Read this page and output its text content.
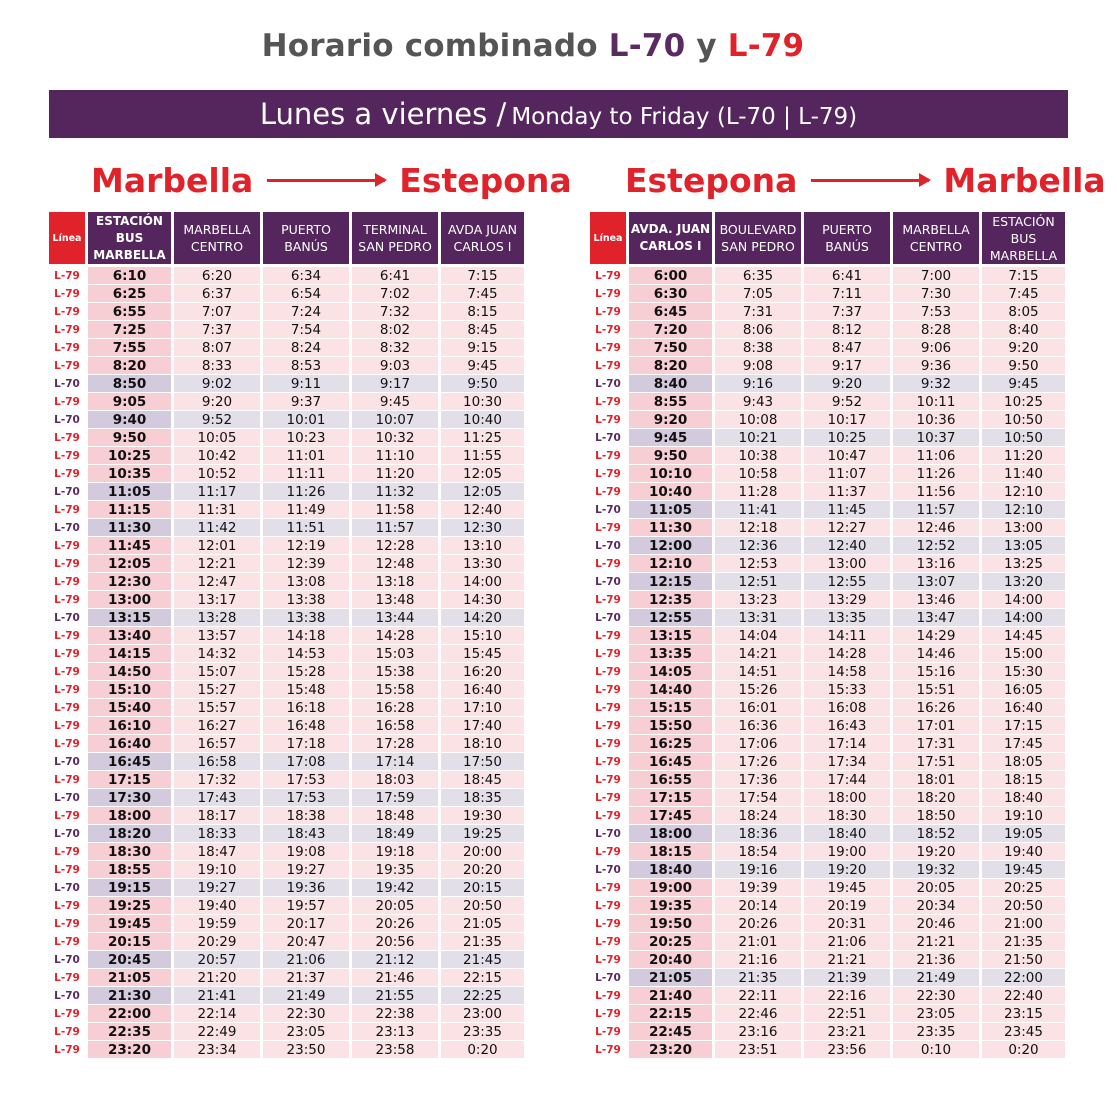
Horario combinado L-70 y L-79
Lunes a viernes / Monday to Friday (L-70 | L-79)
Marbella	Estepona Estepona	Marbella
Línea
ESTACIÓN BUS MARBELLA
MARBELLA CENTRO
PUERTO BANÚS
TERMINAL SAN PEDRO
AVDA JUAN CARLOS I
L-79	6:10	6:20	6:34	6:41	7:15
L-79	6:25	6:37	6:54	7:02	7:45
L-79	6:55	7:07	7:24	7:32	8:15
L-79	7:25	7:37	7:54	8:02	8:45
L-79	7:55	8:07	8:24	8:32	9:15
L-79	8:20	8:33	8:53	9:03	9:45
L-70	8:50	9:02	9:11	9:17	9:50
L-79	9:05	9:20	9:37	9:45	10:30
L-70	9:40	9:52	10:01	10:07	10:40
L-79	9:50	10:05	10:23	10:32	11:25
L-79	10:25	10:42	11:01	11:10	11:55
L-79	10:35	10:52	11:11	11:20	12:05
L-70	11:05	11:17	11:26	11:32	12:05
L-79	11:15	11:31	11:49	11:58	12:40
L-70	11:30	11:42	11:51	11:57	12:30
L-79	11:45	12:01	12:19	12:28	13:10
L-79	12:05	12:21	12:39	12:48	13:30
L-79	12:30	12:47	13:08	13:18	14:00
L-79	13:00	13:17	13:38	13:48	14:30
L-70	13:15	13:28	13:38	13:44	14:20
L-79	13:40	13:57	14:18	14:28	15:10
L-79	14:15	14:32	14:53	15:03	15:45
L-79	14:50	15:07	15:28	15:38	16:20
L-79	15:10	15:27	15:48	15:58	16:40
L-79	15:40	15:57	16:18	16:28	17:10
L-79	16:10	16:27	16:48	16:58	17:40
L-79	16:40	16:57	17:18	17:28	18:10
L-70	16:45	16:58	17:08	17:14	17:50
L-79	17:15	17:32	17:53	18:03	18:45
L-70	17:30	17:43	17:53	17:59	18:35
L-79	18:00	18:17	18:38	18:48	19:30
L-70	18:20	18:33	18:43	18:49	19:25
L-79	18:30	18:47	19:08	19:18	20:00
L-79	18:55	19:10	19:27	19:35	20:20
L-70	19:15	19:27	19:36	19:42	20:15
L-79	19:25	19:40	19:57	20:05	20:50
L-79	19:45	19:59	20:17	20:26	21:05
L-79	20:15	20:29	20:47	20:56	21:35
L-70	20:45	20:57	21:06	21:12	21:45
L-79	21:05	21:20	21:37	21:46	22:15
L-70	21:30	21:41	21:49	21:55	22:25
L-79	22:00	22:14	22:30	22:38	23:00
L-79	22:35	22:49	23:05	23:13	23:35
L-79	23:20	23:34	23:50	23:58	0:20
Línea
AVDA. JUAN CARLOS I
BOULEVARD SAN PEDRO
PUERTO BANÚS
MARBELLA CENTRO
ESTACIÓN BUS MARBELLA
L-79	6:00	6:35	6:41	7:00	7:15
L-79	6:30	7:05	7:11	7:30	7:45
L-79	6:45	7:31	7:37	7:53	8:05
L-79	7:20	8:06	8:12	8:28	8:40
L-79	7:50	8:38	8:47	9:06	9:20
L-79	8:20	9:08	9:17	9:36	9:50
L-70	8:40	9:16	9:20	9:32	9:45
L-79	8:55	9:43	9:52	10:11	10:25
L-79	9:20	10:08	10:17	10:36	10:50
L-70	9:45	10:21	10:25	10:37	10:50
L-79	9:50	10:38	10:47	11:06	11:20
L-79	10:10	10:58	11:07	11:26	11:40
L-79	10:40	11:28	11:37	11:56	12:10
L-70	11:05	11:41	11:45	11:57	12:10
L-79	11:30	12:18	12:27	12:46	13:00
L-70	12:00	12:36	12:40	12:52	13:05
L-79	12:10	12:53	13:00	13:16	13:25
L-70	12:15	12:51	12:55	13:07	13:20
L-79	12:35	13:23	13:29	13:46	14:00
L-70	12:55	13:31	13:35	13:47	14:00
L-79	13:15	14:04	14:11	14:29	14:45
L-79	13:35	14:21	14:28	14:46	15:00
L-79	14:05	14:51	14:58	15:16	15:30
L-79	14:40	15:26	15:33	15:51	16:05
L-79	15:15	16:01	16:08	16:26	16:40
L-79	15:50	16:36	16:43	17:01	17:15
L-79	16:25	17:06	17:14	17:31	17:45
L-79	16:45	17:26	17:34	17:51	18:05
L-79	16:55	17:36	17:44	18:01	18:15
L-79	17:15	17:54	18:00	18:20	18:40
L-79	17:45	18:24	18:30	18:50	19:10
L-70	18:00	18:36	18:40	18:52	19:05
L-79	18:15	18:54	19:00	19:20	19:40
L-70	18:40	19:16	19:20	19:32	19:45
L-79	19:00	19:39	19:45	20:05	20:25
L-79	19:35	20:14	20:19	20:34	20:50
L-79	19:50	20:26	20:31	20:46	21:00
L-79	20:25	21:01	21:06	21:21	21:35
L-79	20:40	21:16	21:21	21:36	21:50
L-70	21:05	21:35	21:39	21:49	22:00
L-79	21:40	22:11	22:16	22:30	22:40
L-79	22:15	22:46	22:51	23:05	23:15
L-79	22:45	23:16	23:21	23:35	23:45
L-79	23:20	23:51	23:56	0:10	0:20
